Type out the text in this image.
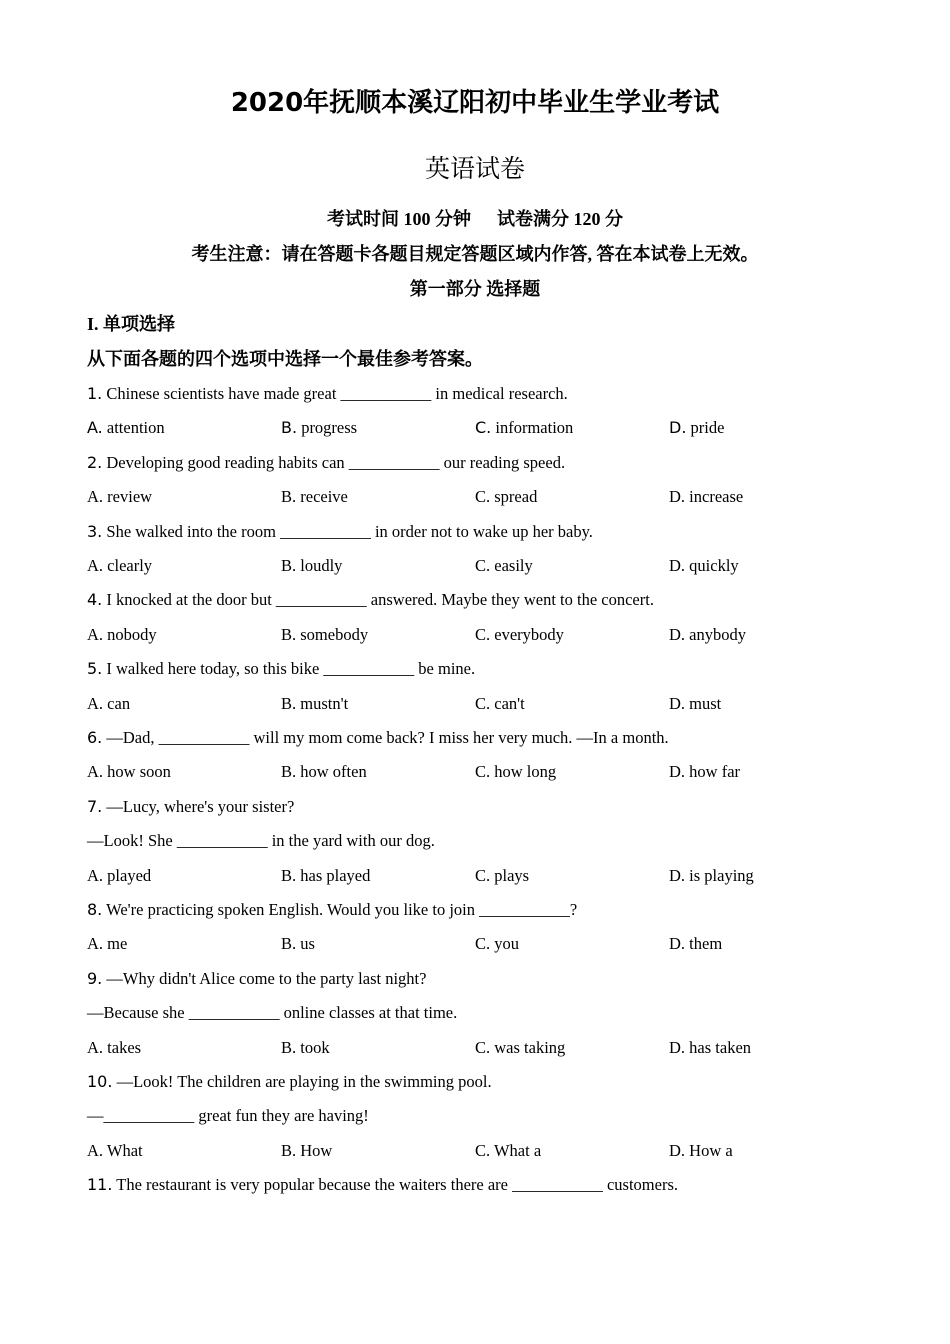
2020年抚顺本溪辽阳初中毕业生学业考试
英语试卷
考试时间 100 分钟 试卷满分 120 分
考生注意：请在答题卡各题目规定答题区域内作答, 答在本试卷上无效。
第一部分 选择题
I. 单项选择
从下面各题的四个选项中选择一个最佳参考答案。
1. Chinese scientists have made great ___________ in medical research.
A. attention	B. progress	C. information	D. pride
2. Developing good reading habits can ___________ our reading speed.
A. review	B. receive	C. spread	D. increase
3. She walked into the room ___________ in order not to wake up her baby.
A. clearly	B. loudly	C. easily	D. quickly
4. I knocked at the door but ___________ answered. Maybe they went to the concert.
A. nobody	B. somebody	C. everybody	D. anybody
5. I walked here today, so this bike ___________ be mine.
A. can	B. mustn't	C. can't	D. must
6. —Dad, ___________ will my mom come back? I miss her very much. —In a month.
A. how soon	B. how often	C. how long	D. how far
7. —Lucy, where's your sister?
—Look! She ___________ in the yard with our dog.
A. played	B. has played	C. plays	D. is playing
8. We're practicing spoken English. Would you like to join ___________?
A. me	B. us	C. you	D. them
9. —Why didn't Alice come to the party last night?
—Because she ___________ online classes at that time.
A. takes	B. took	C. was taking	D. has taken
10. —Look! The children are playing in the swimming pool.
—___________ great fun they are having!
A. What	B. How	C. What a	D. How a
11. The restaurant is very popular because the waiters there are ___________ customers.
